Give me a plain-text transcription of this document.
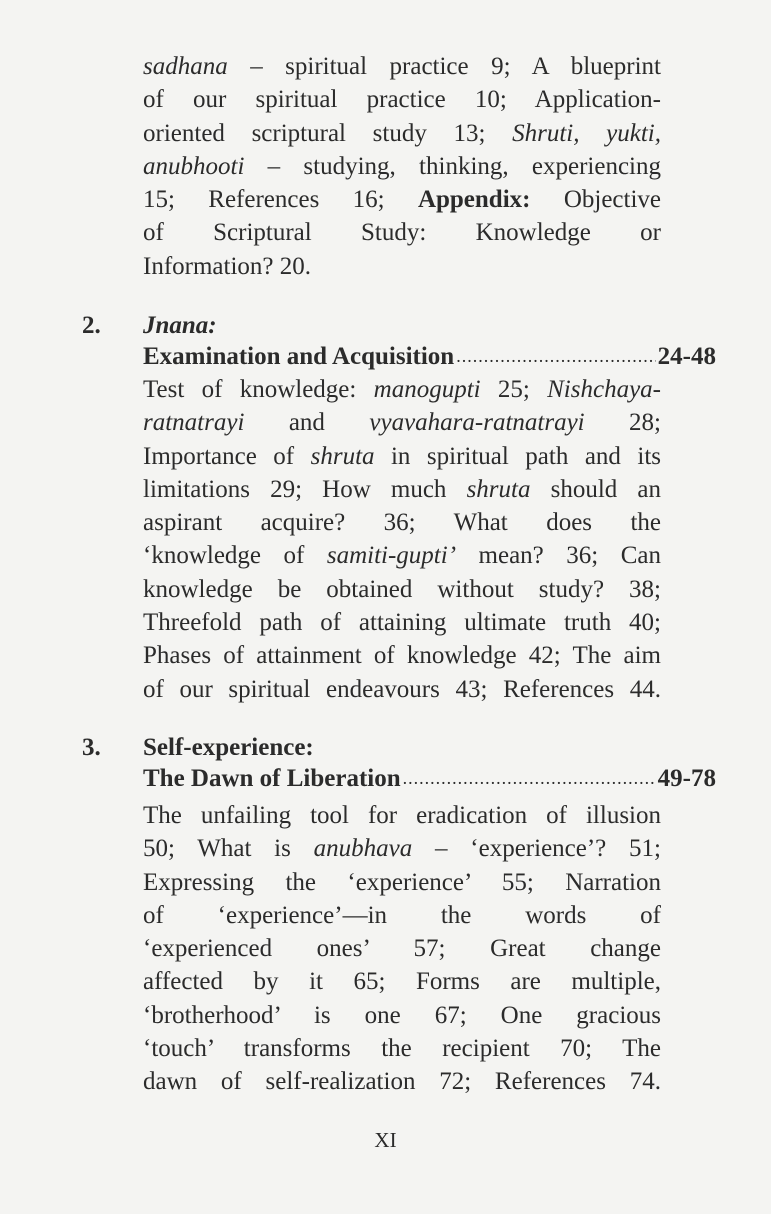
sadhana – spiritual practice 9; A blueprint
of our spiritual practice 10; Application-
oriented scriptural study 13; Shruti, yukti,
anubhooti – studying, thinking, experiencing
15; References 16; Appendix: Objective
of Scriptural Study: Knowledge or
Information? 20.
2. Jnana:
Examination and Acquisition .....	24-48
Test of knowledge: manogupti 25; Nishchaya-
ratnatrayi and vyavahara-ratnatrayi 28;
Importance of shruta in spiritual path and its
limitations 29; How much shruta should an
aspirant acquire? 36; What does the
‘knowledge of samiti-gupti’ mean? 36; Can
knowledge be obtained without study? 38;
Threefold path of attaining ultimate truth 40;
Phases of attainment of knowledge 42; The aim
of our spiritual endeavours 43; References 44.
3. Self-experience:
The Dawn of Liberation .....	49-78
The unfailing tool for eradication of illusion
50; What is anubhava – ‘experience’? 51;
Expressing the ‘experience’ 55; Narration
of ‘experience’—in the words of
‘experienced ones’ 57; Great change
affected by it 65; Forms are multiple,
‘brotherhood’ is one 67; One gracious
‘touch’ transforms the recipient 70; The
dawn of self-realization 72; References 74.
XI
